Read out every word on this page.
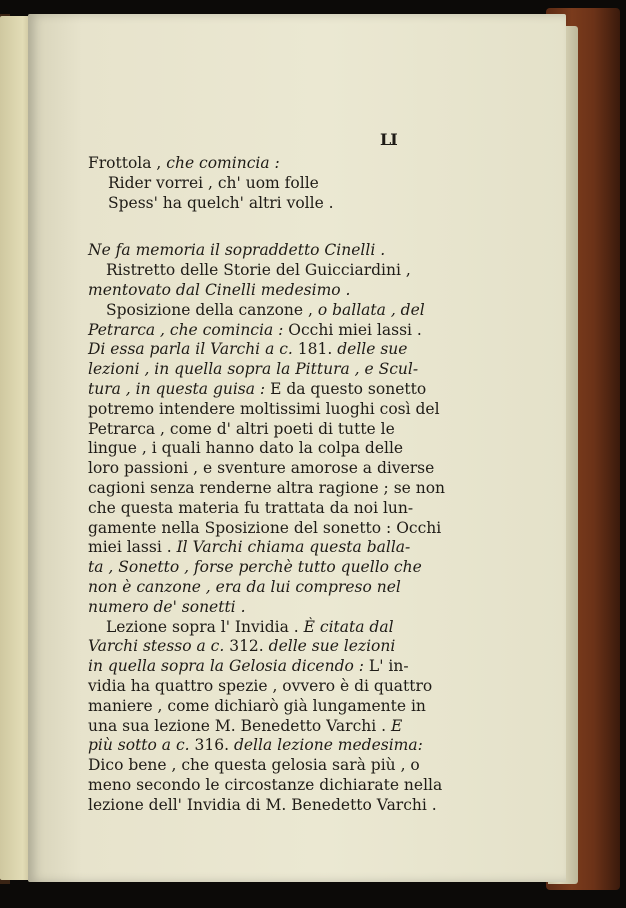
LI
Frottola , che comincia :
Rider vorrei , ch' uom folle
Spess' ha quelch' altri volle .
Ne fa memoria il sopraddetto Cinelli .
Ristretto delle Storie del Guicciardini ,
mentovato dal Cinelli medesimo .
Sposizione della canzone , o ballata , del
Petrarca , che comincia : Occhi miei lassi .
Di essa parla il Varchi a c. 181. delle sue
lezioni , in quella sopra la Pittura , e Scul-
tura , in questa guisa : E da questo sonetto
potremo intendere moltissimi luoghi così del
Petrarca , come d' altri poeti di tutte le
lingue , i quali hanno dato la colpa delle
loro passioni , e sventure amorose a diverse
cagioni senza renderne altra ragione ; se non
che questa materia fu trattata da noi lun-
gamente nella Sposizione del sonetto : Occhi
miei lassi . Il Varchi chiama questa balla-
ta , Sonetto , forse perchè tutto quello che
non è canzone , era da lui compreso nel
numero de' sonetti .
Lezione sopra l' Invidia . È citata dal
Varchi stesso a c. 312. delle sue lezioni
in quella sopra la Gelosia dicendo : L' in-
vidia ha quattro spezie , ovvero è di quattro
maniere , come dichiarò già lungamente in
una sua lezione M. Benedetto Varchi . E
più sotto a c. 316. della lezione medesima:
Dico bene , che questa gelosia sarà più , o
meno secondo le circostanze dichiarate nella
lezione dell' Invidia di M. Benedetto Varchi .
